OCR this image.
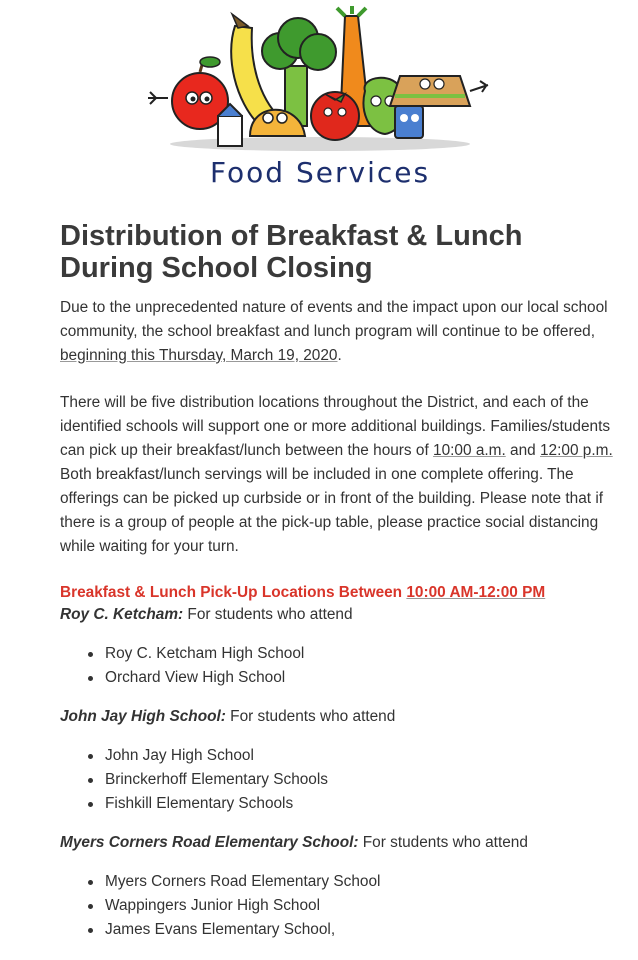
Food Services
Distribution of Breakfast & Lunch During School Closing

Due to the unprecedented nature of events and the impact upon our local school community, the school breakfast and lunch program will continue to be offered, beginning this Thursday, March 19, 2020.

There will be five distribution locations throughout the District, and each of the identified schools will support one or more additional buildings. Families/students can pick up their breakfast/lunch between the hours of 10:00 a.m. and 12:00 p.m. Both breakfast/lunch servings will be included in one complete offering. The offerings can be picked up curbside or in front of the building. Please note that if there is a group of people at the pick-up table, please practice social distancing while waiting for your turn.

Breakfast & Lunch Pick-Up Locations Between 10:00 AM-12:00 PM

Roy C. Ketcham: For students who attend

Roy C. Ketcham High School
Orchard View High School

John Jay High School: For students who attend

John Jay High School
Brinckerhoff Elementary Schools
Fishkill Elementary Schools

Myers Corners Road Elementary School: For students who attend

Myers Corners Road Elementary School
Wappingers Junior High School
James Evans Elementary School,
